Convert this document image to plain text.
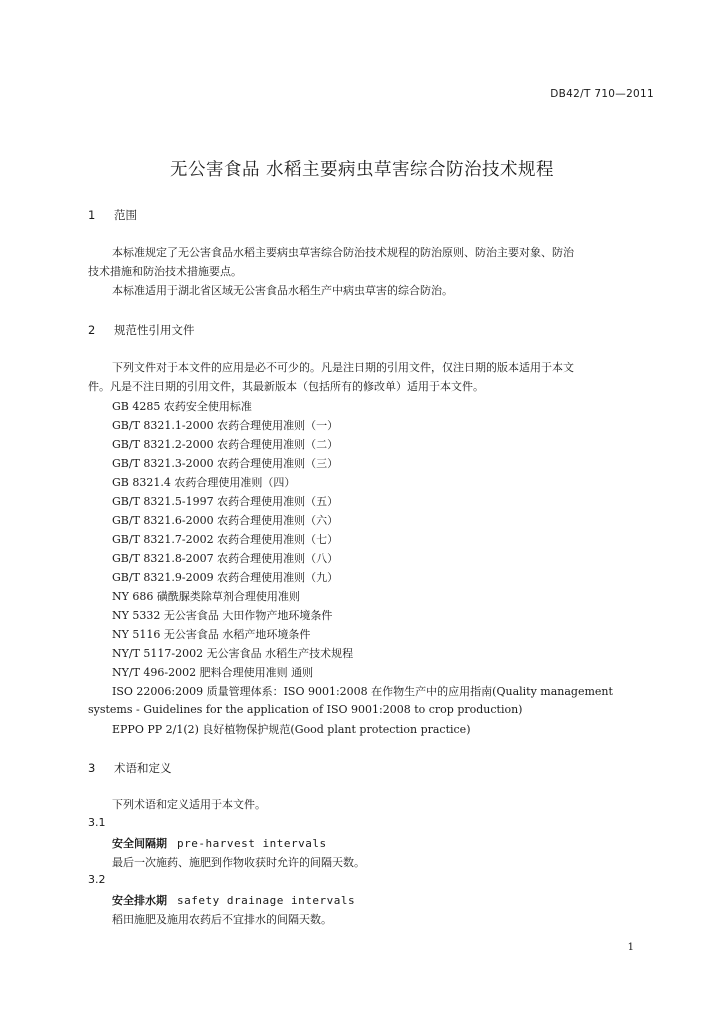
DB42/T 710—2011
无公害食品 水稻主要病虫草害综合防治技术规程
1 范围

本标准规定了无公害食品水稻主要病虫草害综合防治技术规程的防治原则、防治主要对象、防治

技术措施和防治技术措施要点。

本标准适用于湖北省区域无公害食品水稻生产中病虫草害的综合防治。

2 规范性引用文件

下列文件对于本文件的应用是必不可少的。凡是注日期的引用文件，仅注日期的版本适用于本文

件。凡是不注日期的引用文件，其最新版本（包括所有的修改单）适用于本文件。

GB 4285 农药安全使用标准
GB/T 8321.1-2000 农药合理使用准则（一）
GB/T 8321.2-2000 农药合理使用准则（二）
GB/T 8321.3-2000 农药合理使用准则（三）
GB 8321.4 农药合理使用准则（四）
GB/T 8321.5-1997 农药合理使用准则（五）
GB/T 8321.6-2000 农药合理使用准则（六）
GB/T 8321.7-2002 农药合理使用准则（七）
GB/T 8321.8-2007 农药合理使用准则（八）
GB/T 8321.9-2009 农药合理使用准则（九）
NY 686 磺酰脲类除草剂合理使用准则
NY 5332 无公害食品 大田作物产地环境条件
NY 5116 无公害食品 水稻产地环境条件
NY/T 5117-2002 无公害食品 水稻生产技术规程
NY/T 496-2002 肥料合理使用准则 通则
ISO 22006:2009 质量管理体系：ISO 9001:2008 在作物生产中的应用指南(Quality management

systems - Guidelines for the application of ISO 9001:2008 to crop production)

EPPO PP 2/1(2) 良好植物保护规范(Good plant protection practice)
3 术语和定义

下列术语和定义适用于本文件。

3.1
安全间隔期 pre-harvest intervals
最后一次施药、施肥到作物收获时允许的间隔天数。
3.2
安全排水期 safety drainage intervals
稻田施肥及施用农药后不宜排水的间隔天数。
1
